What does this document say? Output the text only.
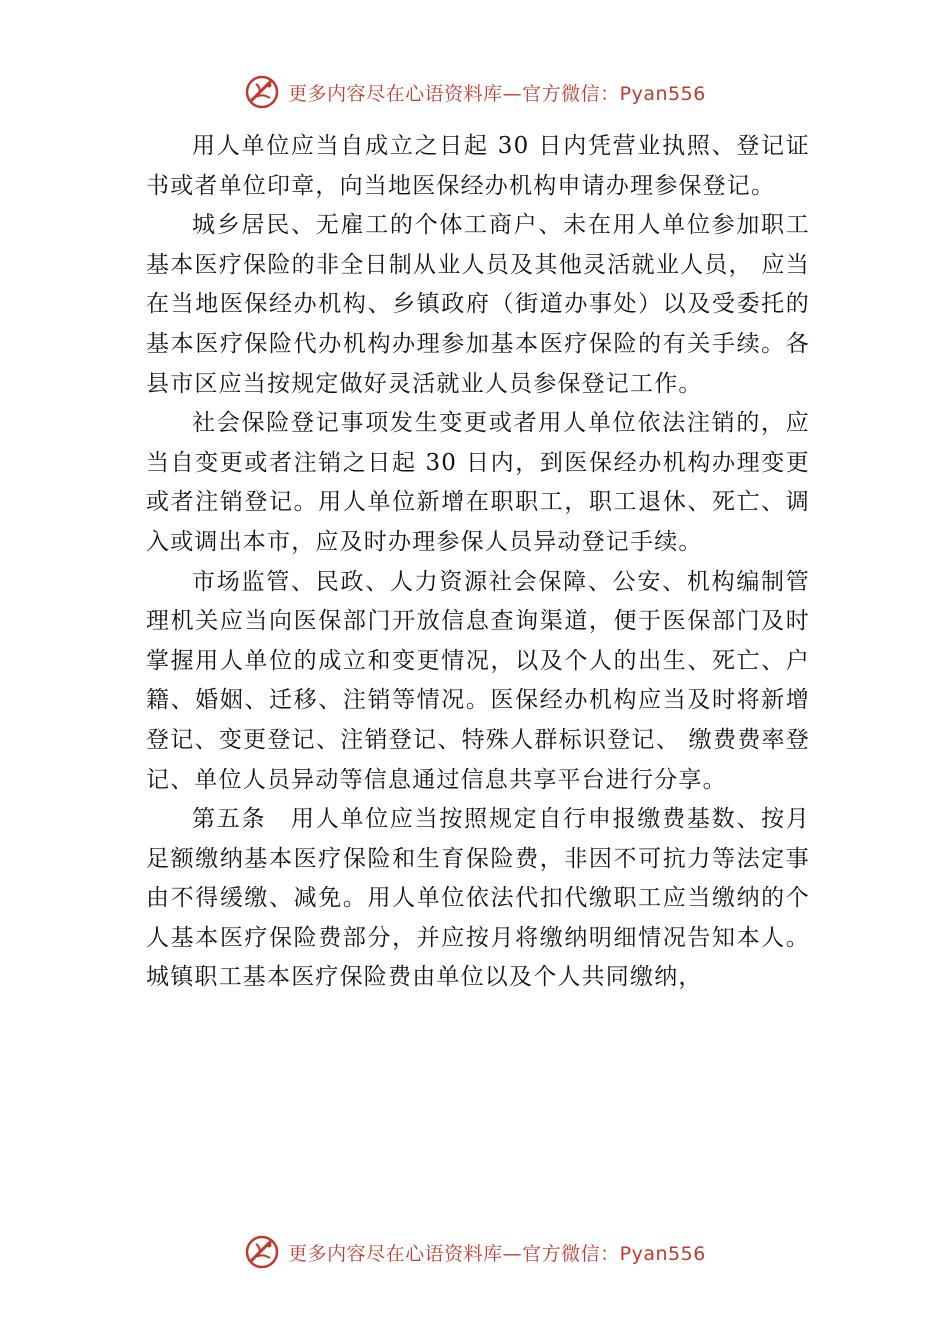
更多内容尽在心语资料库—官方微信：Pyan556

用人单位应当自成立之日起 30 日内凭营业执照、登记证书或者单位印章，向当地医保经办机构申请办理参保登记。

城乡居民、无雇工的个体工商户、未在用人单位参加职工基本医疗保险的非全日制从业人员及其他灵活就业人员， 应当在当地医保经办机构、乡镇政府（街道办事处）以及受委托的基本医疗保险代办机构办理参加基本医疗保险的有关手续。各县市区应当按规定做好灵活就业人员参保登记工作。

社会保险登记事项发生变更或者用人单位依法注销的，应当自变更或者注销之日起 30 日内，到医保经办机构办理变更或者注销登记。用人单位新增在职职工，职工退休、死亡、调入或调出本市，应及时办理参保人员异动登记手续。

市场监管、民政、人力资源社会保障、公安、机构编制管理机关应当向医保部门开放信息查询渠道，便于医保部门及时掌握用人单位的成立和变更情况，以及个人的出生、死亡、户籍、婚姻、迁移、注销等情况。医保经办机构应当及时将新增登记、变更登记、注销登记、特殊人群标识登记、 缴费费率登记、单位人员异动等信息通过信息共享平台进行分享。

第五条　用人单位应当按照规定自行申报缴费基数、按月足额缴纳基本医疗保险和生育保险费，非因不可抗力等法定事由不得缓缴、减免。用人单位依法代扣代缴职工应当缴纳的个人基本医疗保险费部分，并应按月将缴纳明细情况告知本人。城镇职工基本医疗保险费由单位以及个人共同缴纳，

更多内容尽在心语资料库—官方微信：Pyan556
